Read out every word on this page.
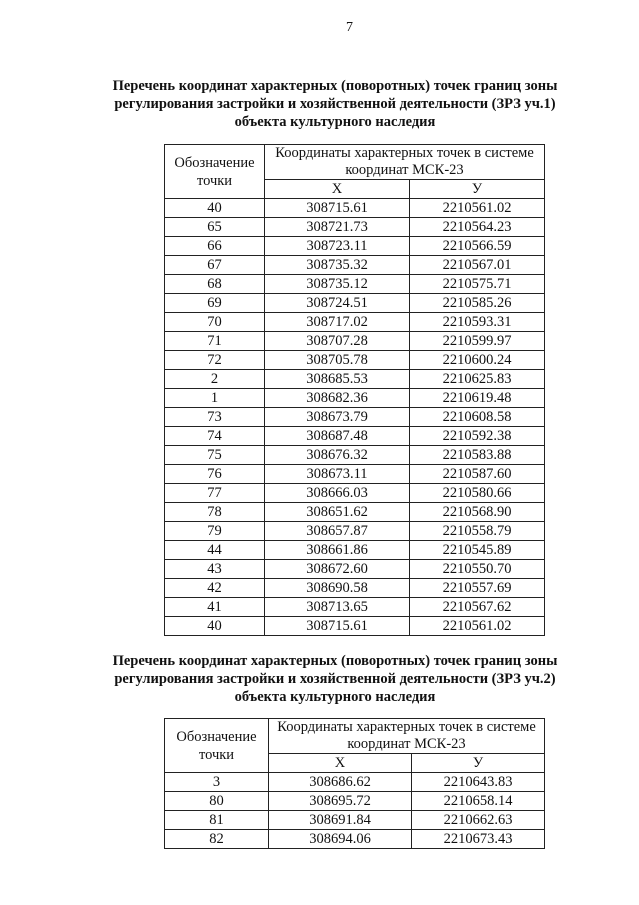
7
Перечень координат характерных (поворотных) точек границ зоны
регулирования застройки и хозяйственной деятельности (ЗРЗ уч.1)
объекта культурного наследия
Обозначение точки	Координаты характерных точек в системе координат МСК-23	
	X	У
40	308715.61	2210561.02
65	308721.73	2210564.23
66	308723.11	2210566.59
67	308735.32	2210567.01
68	308735.12	2210575.71
69	308724.51	2210585.26
70	308717.02	2210593.31
71	308707.28	2210599.97
72	308705.78	2210600.24
2	308685.53	2210625.83
1	308682.36	2210619.48
73	308673.79	2210608.58
74	308687.48	2210592.38
75	308676.32	2210583.88
76	308673.11	2210587.60
77	308666.03	2210580.66
78	308651.62	2210568.90
79	308657.87	2210558.79
44	308661.86	2210545.89
43	308672.60	2210550.70
42	308690.58	2210557.69
41	308713.65	2210567.62
40	308715.61	2210561.02
Перечень координат характерных (поворотных) точек границ зоны
регулирования застройки и хозяйственной деятельности (ЗРЗ уч.2)
объекта культурного наследия
Обозначение точки	Координаты характерных точек в системе координат МСК-23	
	X	У
3	308686.62	2210643.83
80	308695.72	2210658.14
81	308691.84	2210662.63
82	308694.06	2210673.43
